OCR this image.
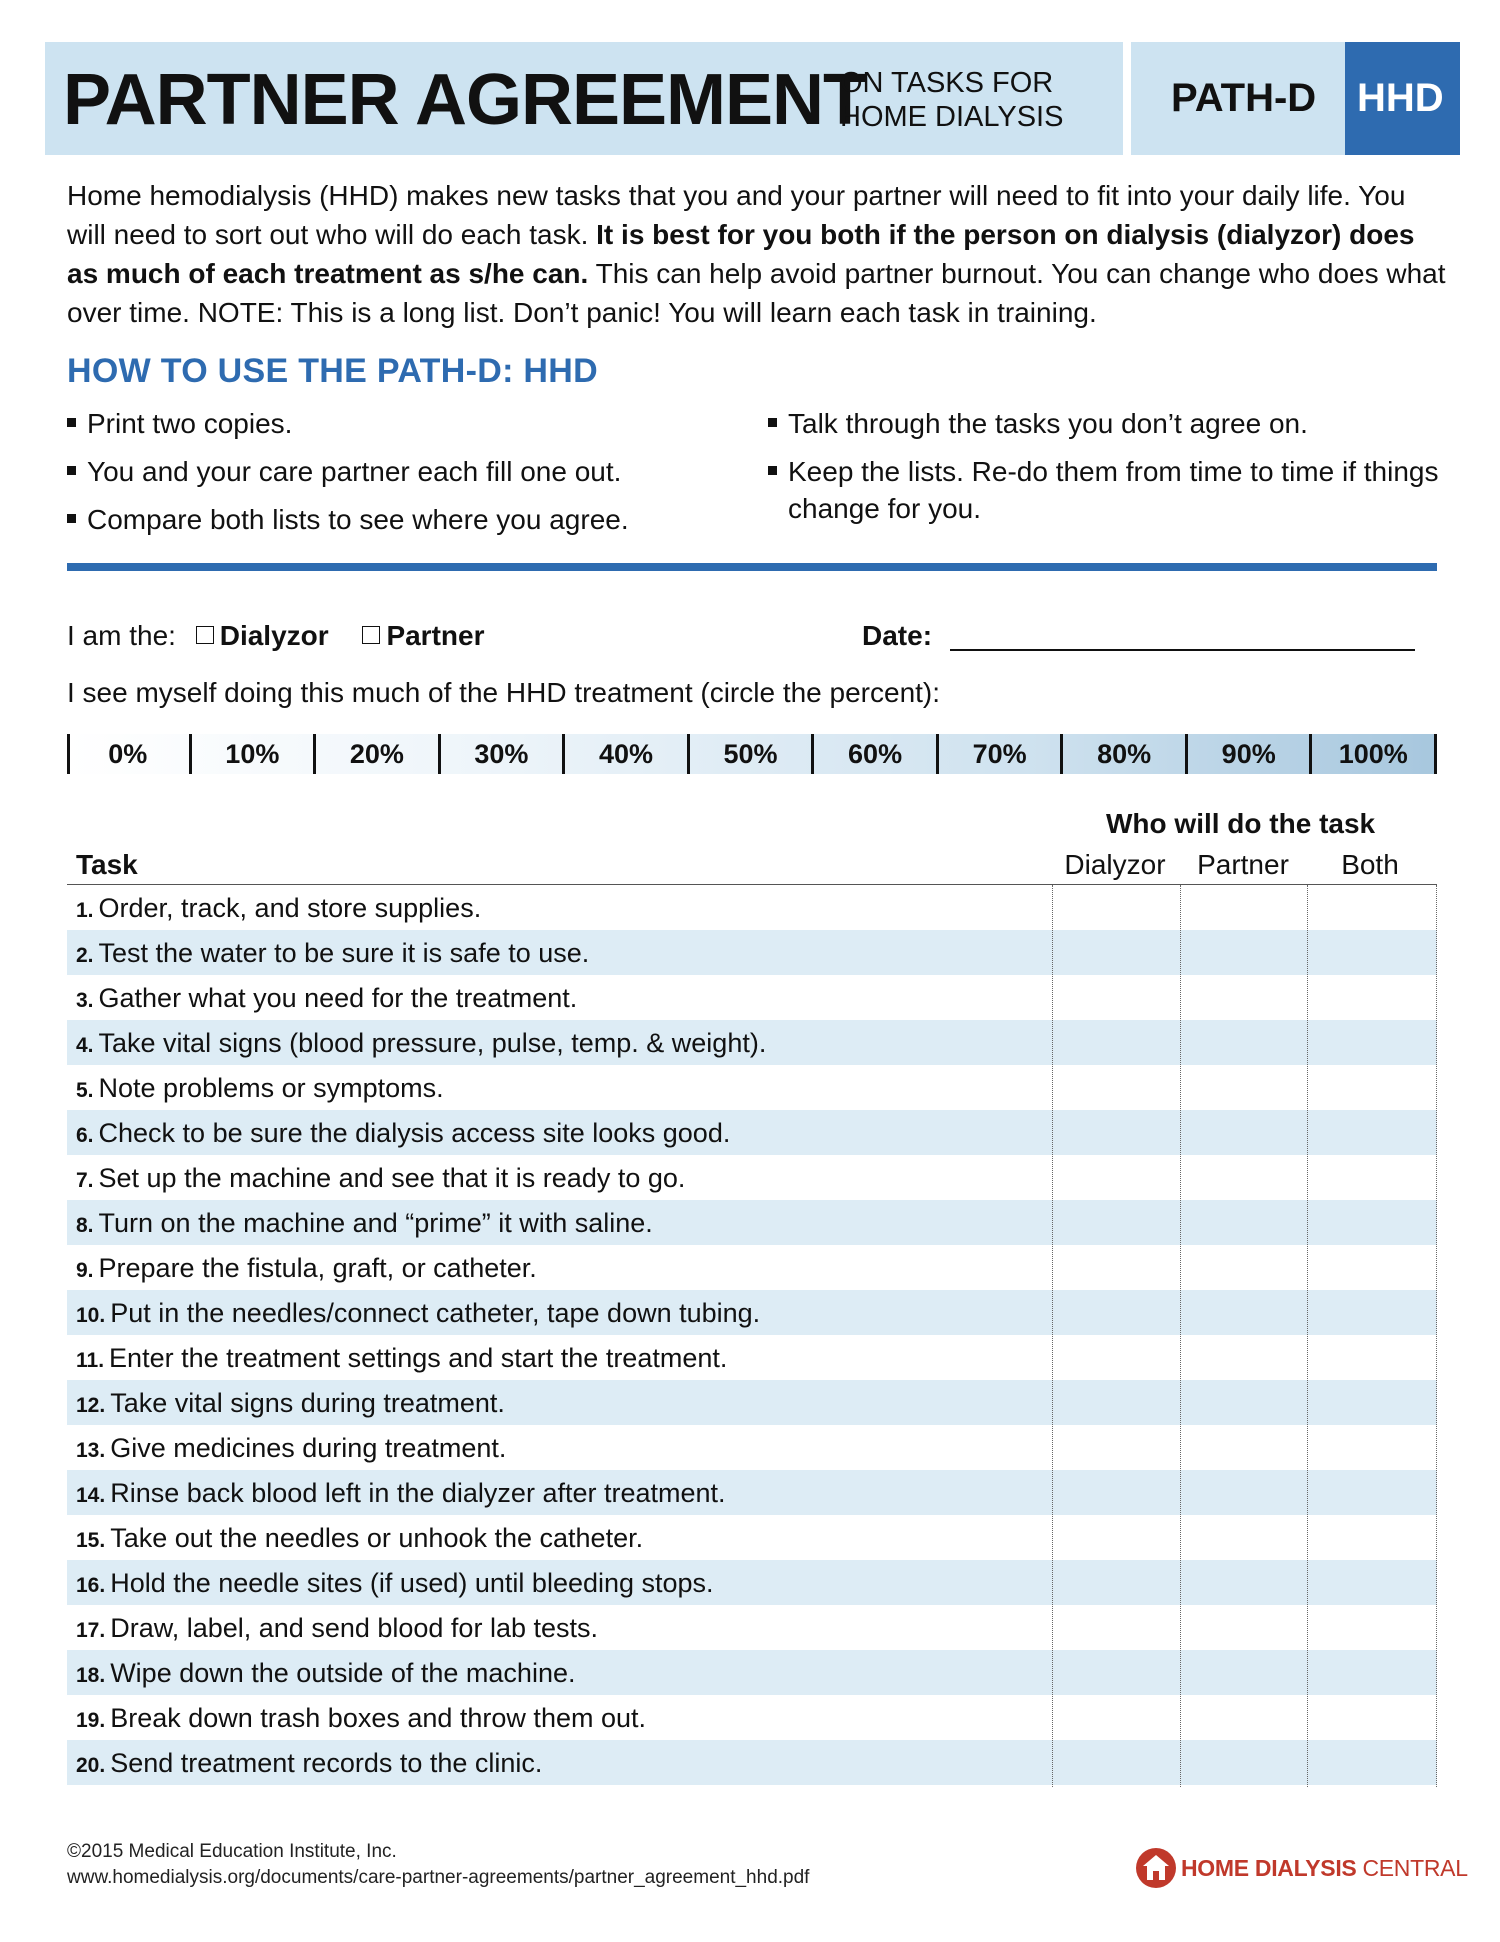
PARTNER AGREEMENT
ON TASKS FOR
HOME DIALYSIS	PATH-D HHD
Home hemodialysis (HHD) makes new tasks that you and your partner will need to fit into your daily life. You will need to sort out who will do each task. It is best for you both if the person on dialysis (dialyzor) does as much of each treatment as s/he can. This can help avoid partner burnout. You can change who does what over time. NOTE: This is a long list. Don’t panic! You will learn each task in training.
HOW TO USE THE PATH-D: HHD
Print two copies.
You and your care partner each fill one out.
Compare both lists to see where you agree.
Talk through the tasks you don’t agree on.
Keep the lists. Re-do them from time to time if things change for you.
I am the: Dialyzor Partner	Date:
I see myself doing this much of the HHD treatment (circle the percent):
0%	10%	20%	30%	40%	50%	60%	70%	80%	90%	100%
Who will do the task
Task	Dialyzor	Partner	Both
1. Order, track, and store supplies.
2. Test the water to be sure it is safe to use.
3. Gather what you need for the treatment.
4. Take vital signs (blood pressure, pulse, temp. & weight).
5. Note problems or symptoms.
6. Check to be sure the dialysis access site looks good.
7. Set up the machine and see that it is ready to go.
8. Turn on the machine and “prime” it with saline.
9. Prepare the fistula, graft, or catheter.
10. Put in the needles/connect catheter, tape down tubing.
11. Enter the treatment settings and start the treatment.
12. Take vital signs during treatment.
13. Give medicines during treatment.
14. Rinse back blood left in the dialyzer after treatment.
15. Take out the needles or unhook the catheter.
16. Hold the needle sites (if used) until bleeding stops.
17. Draw, label, and send blood for lab tests.
18. Wipe down the outside of the machine.
19. Break down trash boxes and throw them out.
20. Send treatment records to the clinic.
©2015 Medical Education Institute, Inc.
www.homedialysis.org/documents/care-partner-agreements/partner_agreement_hhd.pdf	HOME DIALYSIS CENTRAL
